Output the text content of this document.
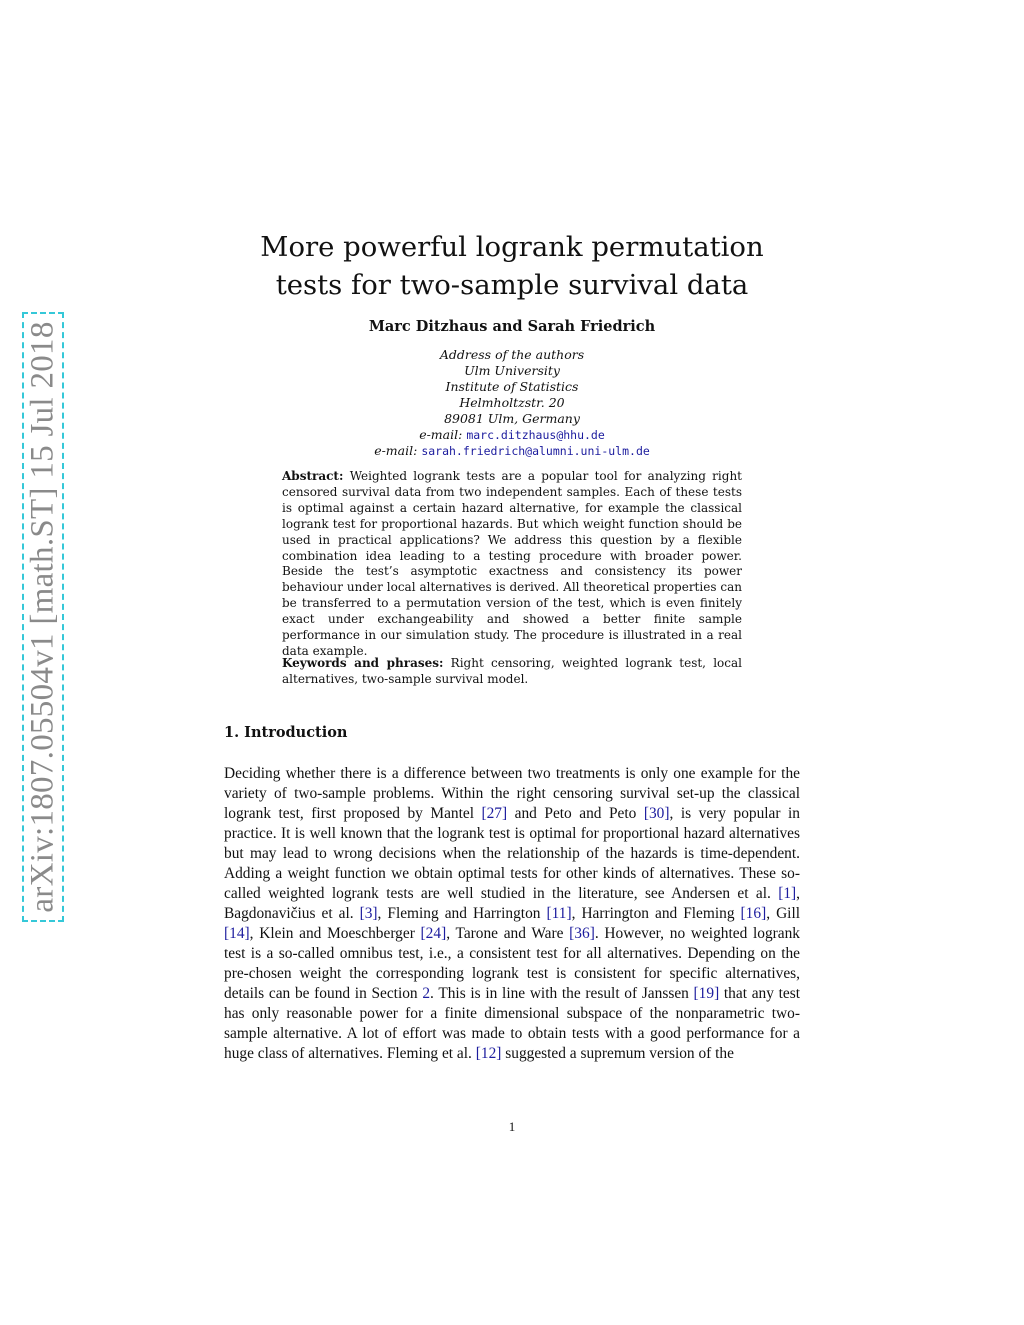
arXiv:1807.05504v1 [math.ST] 15 Jul 2018
More powerful logrank permutation
tests for two-sample survival data
Marc Ditzhaus and Sarah Friedrich
Address of the authors
Ulm University
Institute of Statistics
Helmholtzstr. 20
89081 Ulm, Germany
e-mail: marc.ditzhaus@hhu.de
e-mail: sarah.friedrich@alumni.uni-ulm.de
Abstract: Weighted logrank tests are a popular tool for analyzing right censored survival data from two independent samples. Each of these tests is optimal against a certain hazard alternative, for example the classical logrank test for proportional hazards. But which weight function should be used in practical applications? We address this question by a flexible combination idea leading to a testing procedure with broader power. Beside the test’s asymptotic exactness and consistency its power behaviour under local alternatives is derived. All theoretical properties can be transferred to a permutation version of the test, which is even finitely exact under exchangeability and showed a better finite sample performance in our simulation study. The procedure is illustrated in a real data example.
Keywords and phrases: Right censoring, weighted logrank test, local alternatives, two-sample survival model.
1. Introduction

Deciding whether there is a difference between two treatments is only one example for the variety of two-sample problems. Within the right censoring survival set-up the classical logrank test, first proposed by Mantel [27] and Peto and Peto [30], is very popular in practice. It is well known that the logrank test is optimal for proportional hazard alternatives but may lead to wrong decisions when the relationship of the hazards is time-dependent. Adding a weight function we obtain optimal tests for other kinds of alternatives. These so-called weighted logrank tests are well studied in the literature, see Andersen et al. [1], Bagdonavičius et al. [3], Fleming and Harrington [11], Harrington and Fleming [16], Gill [14], Klein and Moeschberger [24], Tarone and Ware [36]. However, no weighted logrank test is a so-called omnibus test, i.e., a consistent test for all alternatives. Depending on the pre-chosen weight the corresponding logrank test is consistent for specific alternatives, details can be found in Section 2. This is in line with the result of Janssen [19] that any test has only reasonable power for a finite dimensional subspace of the nonparametric two-sample alternative. A lot of effort was made to obtain tests with a good performance for a huge class of alternatives. Fleming et al. [12] suggested a supremum version of the

1
